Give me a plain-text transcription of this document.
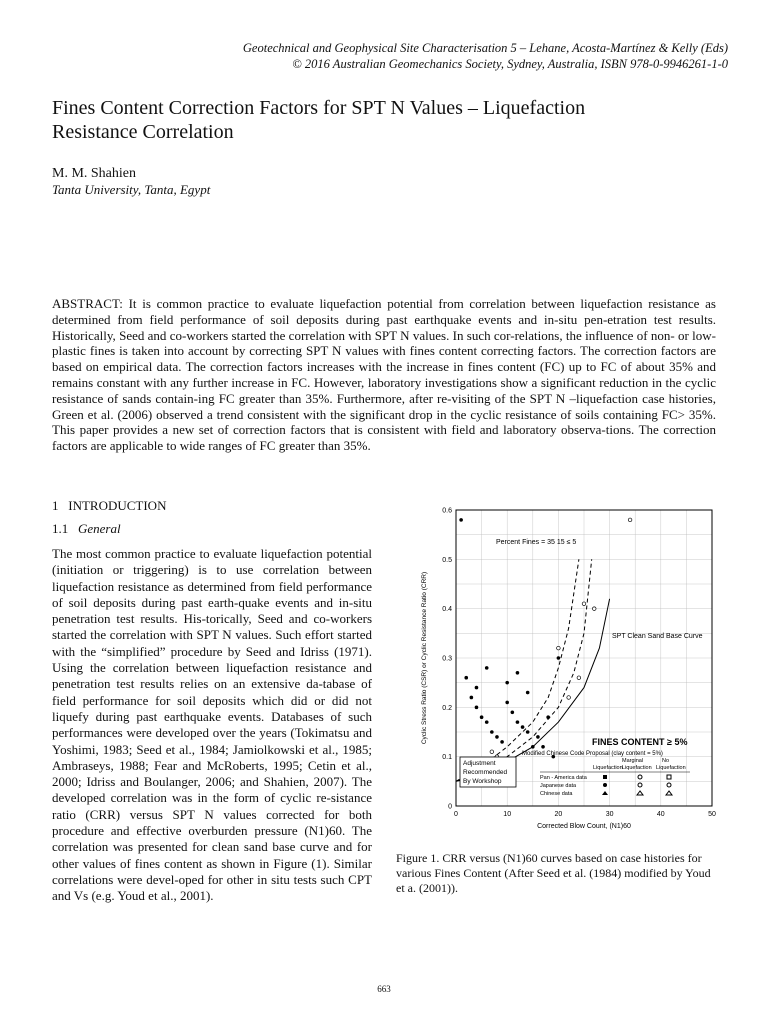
Geotechnical and Geophysical Site Characterisation 5 – Lehane, Acosta-Martínez & Kelly (Eds)
© 2016 Australian Geomechanics Society, Sydney, Australia, ISBN 978-0-9946261-1-0
Fines Content Correction Factors for SPT N Values – Liquefaction
Resistance Correlation
M. M. Shahien
Tanta University, Tanta, Egypt
ABSTRACT: It is common practice to evaluate liquefaction potential from correlation between liquefaction resistance as determined from field performance of soil deposits during past earthquake events and in-situ pen-etration test results. Historically, Seed and co-workers started the correlation with SPT N values. In such cor-relations, the influence of non- or low-plastic fines is taken into account by correcting SPT N values with fines content correcting factors. The correction factors are based on empirical data. The correction factors increases with the increase in fines content (FC) up to FC of about 35% and remains constant with any further increase in FC. However, laboratory investigations show a significant reduction in the cyclic resistance of sands contain-ing FC greater than 35%. Furthermore, after re-visiting of the SPT N –liquefaction case histories, Green et al. (2006) observed a trend consistent with the significant drop in the cyclic resistance of soils containing FC> 35%. This paper provides a new set of correction factors that is consistent with field and laboratory observa-tions. The correction factors are applicable to wide ranges of FC greater than 35%.
1 INTRODUCTION
1.1 General
The most common practice to evaluate liquefaction potential (initiation or triggering) is to use correlation between liquefaction resistance as determined from field performance of soil deposits during past earth-quake events and in-situ penetration test results. His-torically, Seed and co-workers started the correlation with SPT N values. Such effort started with the “simplified” procedure by Seed and Idriss (1971). Using the correlation between liquefaction resistance and penetration test results relies on an extensive da-tabase of field performance for soil deposits which did or did not liquefy during past earthquake events. Databases of such performances were developed over the years (Tokimatsu and Yoshimi, 1983; Seed et al., 1984; Jamiolkowski et al., 1985; Ambraseys, 1988; Fear and McRoberts, 1995; Cetin et al., 2000; Idriss and Boulanger, 2006; and Shahien, 2007). The developed correlation was in the form of cyclic re-sistance ratio (CRR) versus SPT N values corrected for both procedure and effective overburden pressure (N1)60. The correlation was presented for clean sand base curve and for other values of fines content as shown in Figure (1). Similar correlations were devel-oped for other in situ tests such CPT and Vs (e.g. Youd et al., 2001).
0	10	20	30	40	50
0
0.1
0.2
0.3
0.4
0.5
0.6
Corrected Blow Count, (N1)60
Cyclic Stress Ratio (CSR) or Cyclic Resistance Ratio (CRR)
Percent Fines = 35 15 ≤ 5
SPT Clean Sand Base Curve
FINES CONTENT ≥ 5%
Modified Chinese Code Proposal (clay content = 5%)
Adjustment
Recommended
By Workshop
Marginal	No
Liquefaction Liquefaction Liquefaction
Pan - America data
Japanese data
Chinese data
Figure 1. CRR versus (N1)60 curves based on case histories for various Fines Content (After Seed et al. (1984) modified by Youd et a. (2001)).
663
